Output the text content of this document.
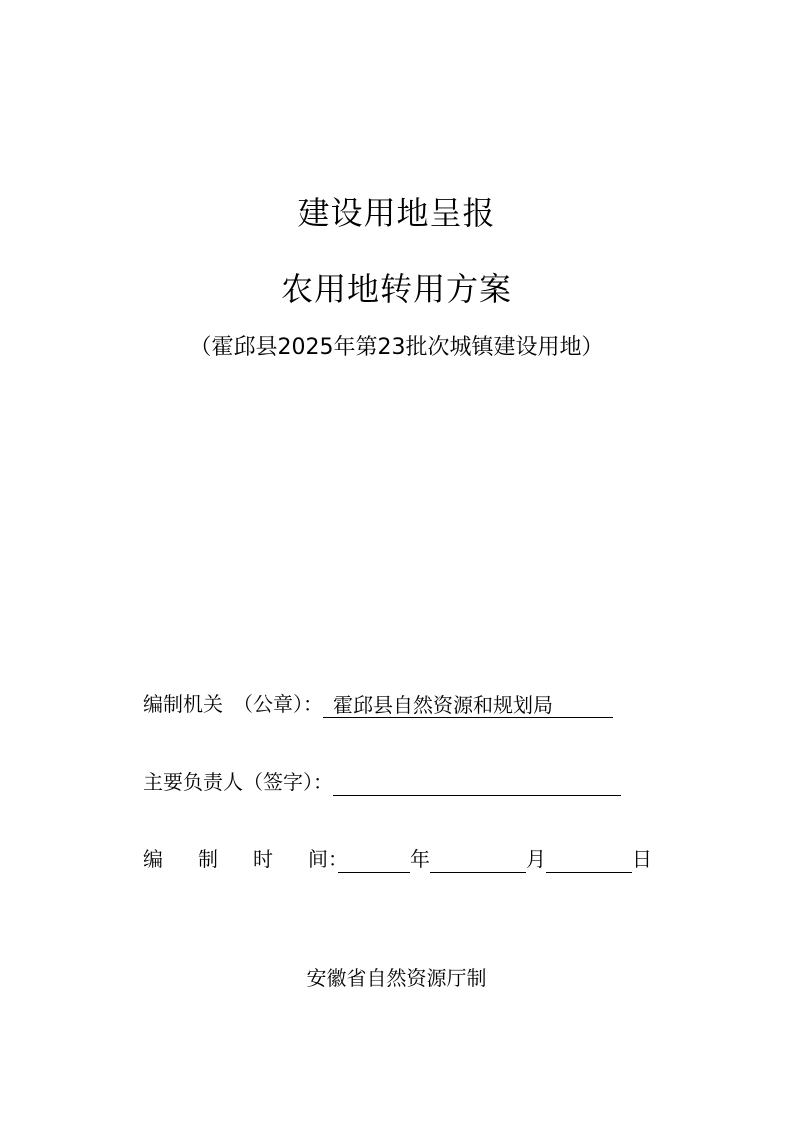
建设用地呈报
农用地转用方案
（霍邱县2025年第23批次城镇建设用地）
编制机关　（公章）： 霍邱县自然资源和规划局
主要负责人（签字）：
编 制 时 间：	年	月	日
安徽省自然资源厅制
